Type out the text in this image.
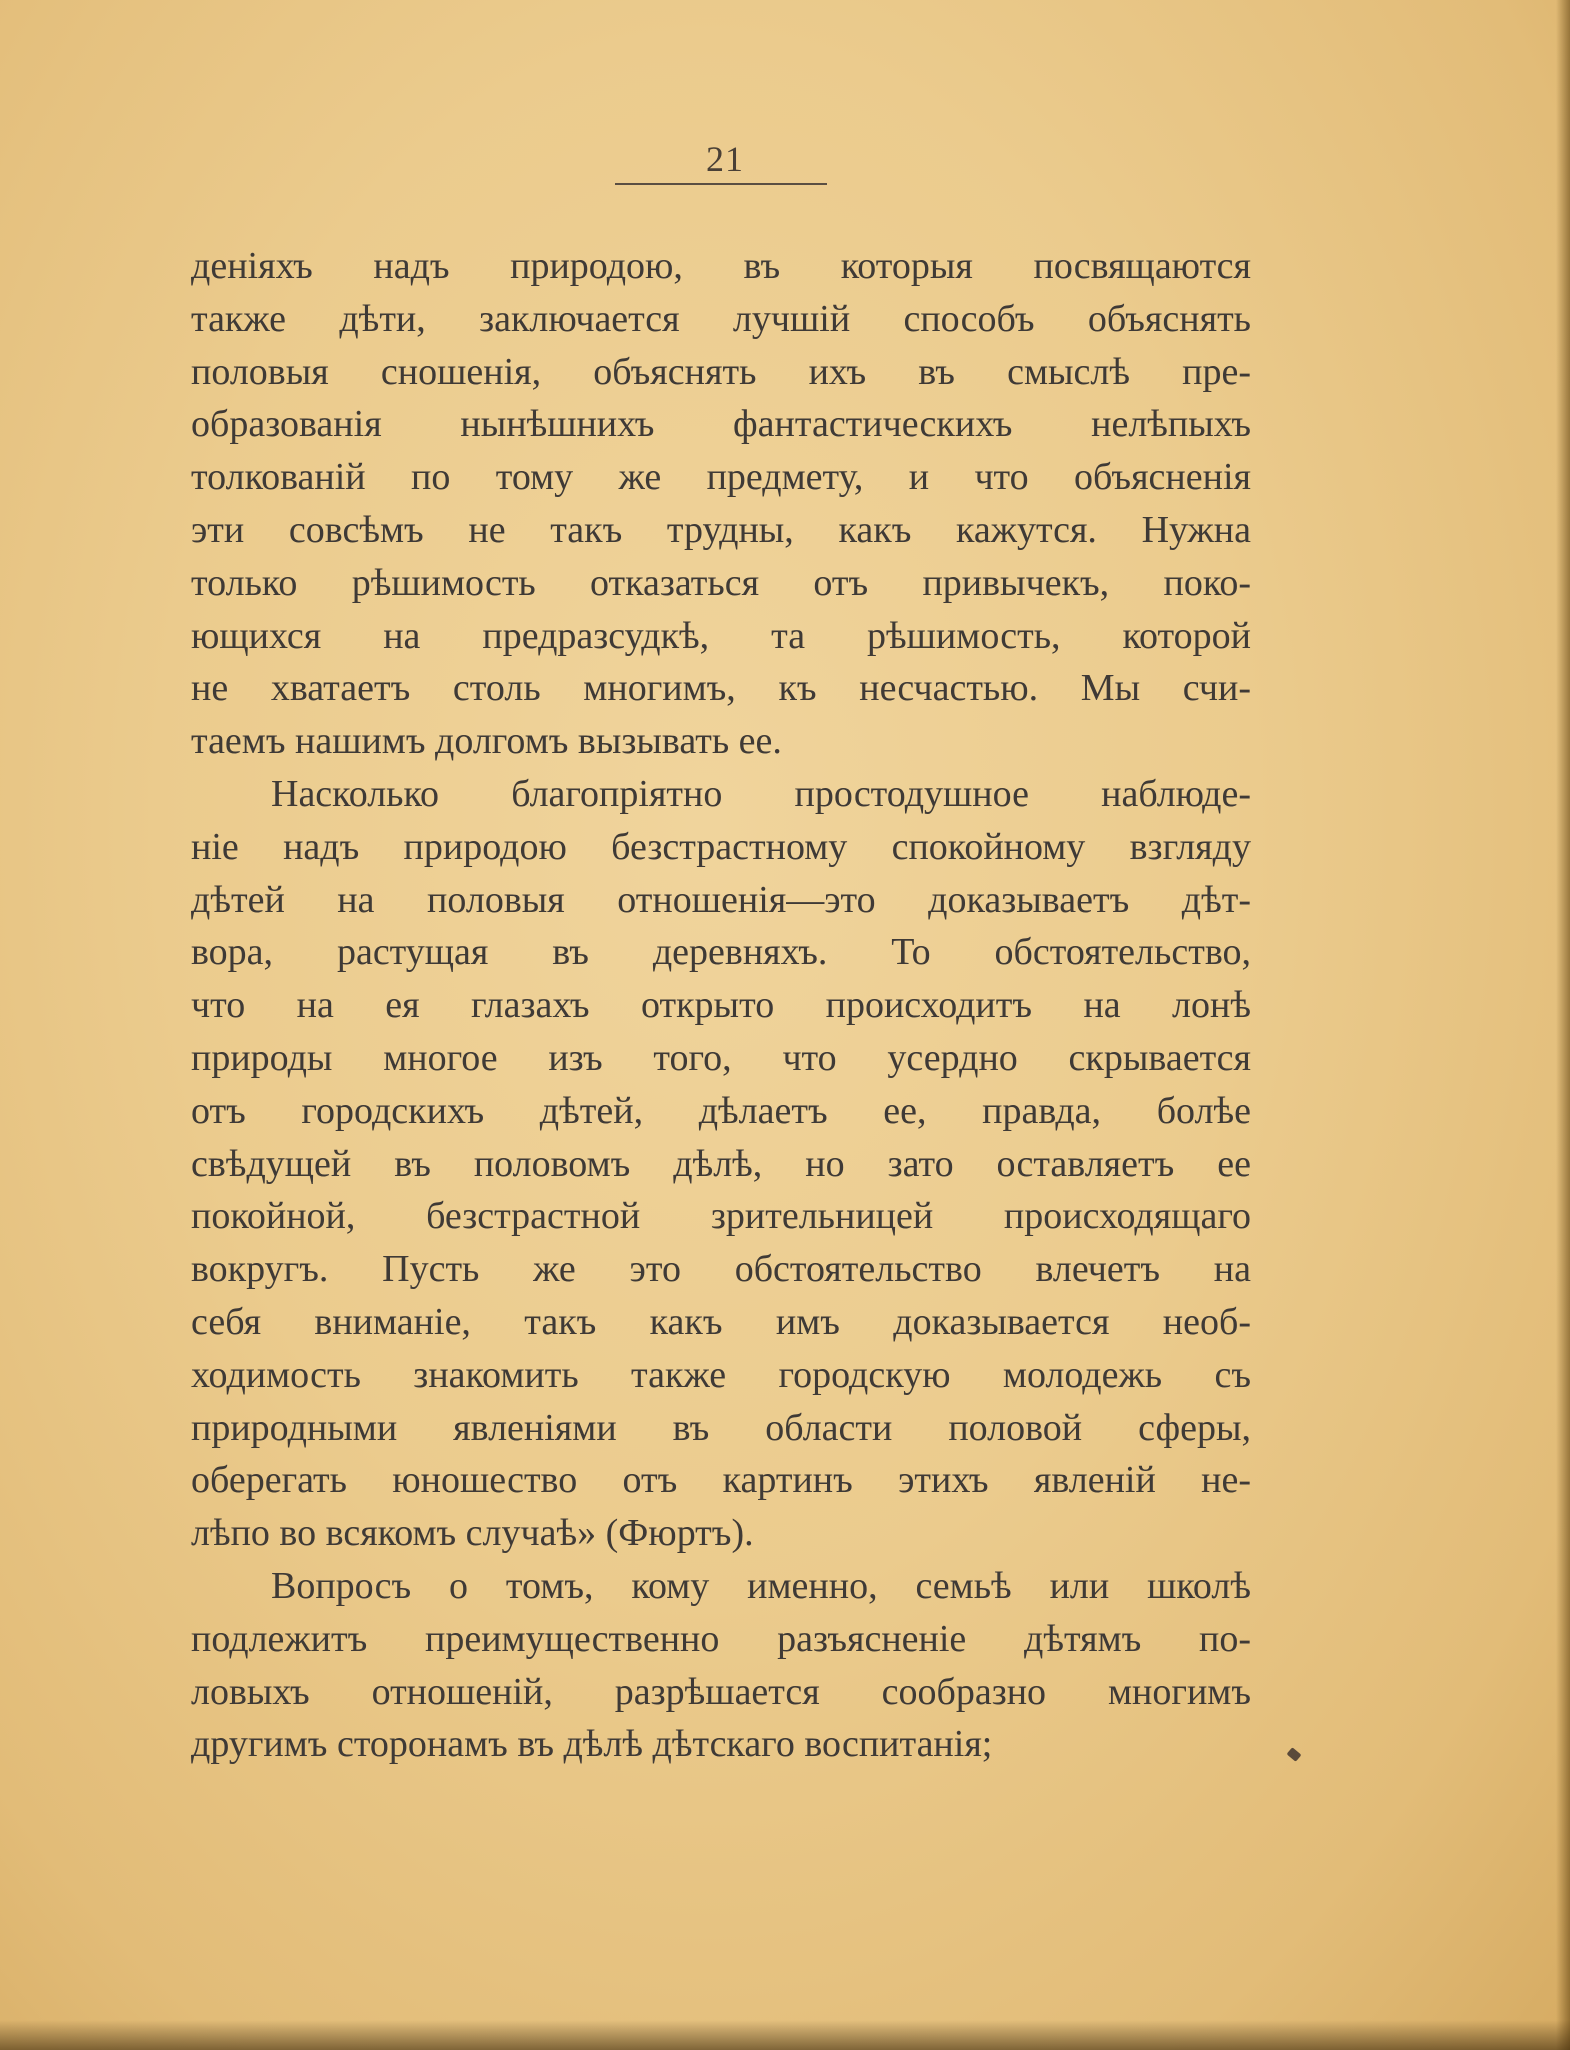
21
деніяхъ надъ природою, въ которыя посвящаются
также дѣти, заключается лучшій способъ объяснять
половыя сношенія, объяснять ихъ въ смыслѣ пре-
образованія нынѣшнихъ фантастическихъ нелѣпыхъ
толкованій по тому же предмету, и что объясненія
эти совсѣмъ не такъ трудны, какъ кажутся. Нужна
только рѣшимость отказаться отъ привычекъ, поко-
ющихся на предразсудкѣ, та рѣшимость, которой
не хватаетъ столь многимъ, къ несчастью. Мы счи-
таемъ нашимъ долгомъ вызывать ее.
Насколько благопріятно простодушное наблюде-
ніе надъ природою безстрастному спокойному взгляду
дѣтей на половыя отношенія—это доказываетъ дѣт-
вора, растущая въ деревняхъ. То обстоятельство,
что на ея глазахъ открыто происходитъ на лонѣ
природы многое изъ того, что усердно скрывается
отъ городскихъ дѣтей, дѣлаетъ ее, правда, болѣе
свѣдущей въ половомъ дѣлѣ, но зато оставляетъ ее
покойной, безстрастной зрительницей происходящаго
вокругъ. Пусть же это обстоятельство влечетъ на
себя вниманіе, такъ какъ имъ доказывается необ-
ходимость знакомить также городскую молодежь съ
природными явленіями въ области половой сферы,
оберегать юношество отъ картинъ этихъ явленій не-
лѣпо во всякомъ случаѣ» (Фюртъ).
Вопросъ о томъ, кому именно, семьѣ или школѣ
подлежитъ преимущественно разъясненіе дѣтямъ по-
ловыхъ отношеній, разрѣшается сообразно многимъ
другимъ сторонамъ въ дѣлѣ дѣтскаго воспитанія;
